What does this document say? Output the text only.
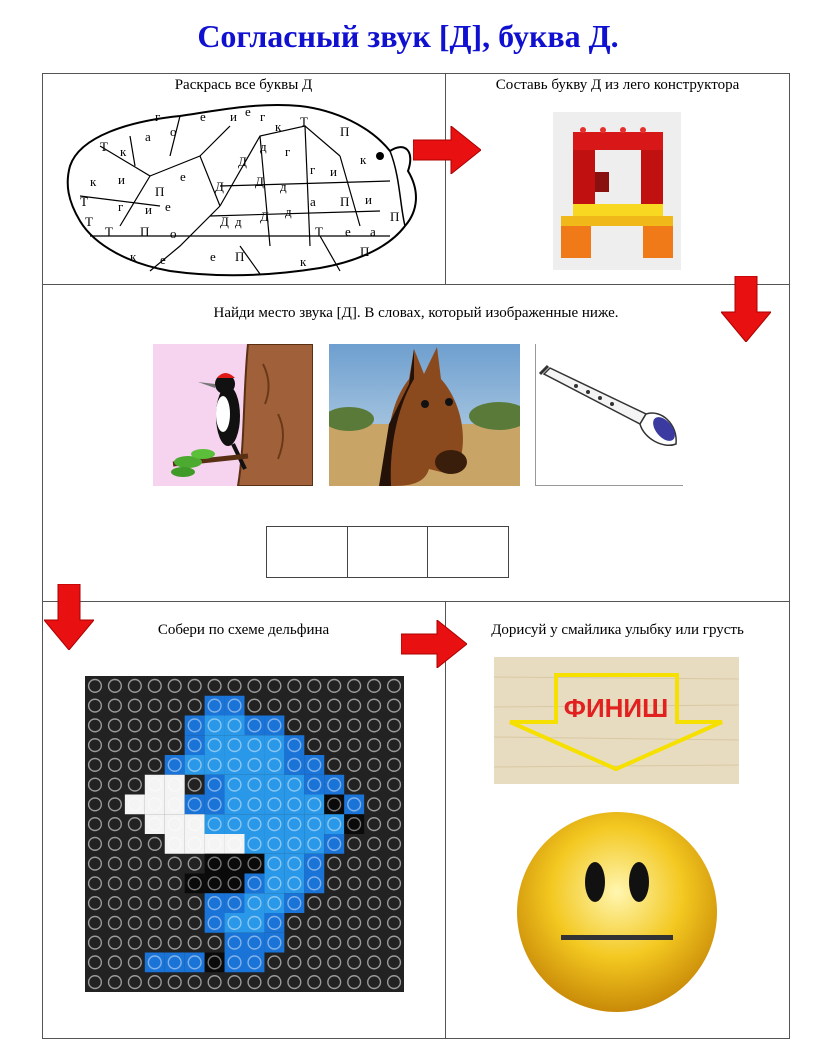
Согласный звук [Д], буква Д.
Раскрась все буквы Д	Составь букву Д из лего конструктора
Найди место звука [Д]. В словах, который изображенные ниже.
Собери по схеме дельфина	Дорисуй у смайлика улыбку или грусть
Т к
а
г
о
е и е г
к Т
П
к и
П
е
Д
Д
д г
г и
к
Т г и е
Д
Д д
а П и
Т
Т П о
д Д д
Т е а
П
к е	е П	к
П
ФИНИШ
